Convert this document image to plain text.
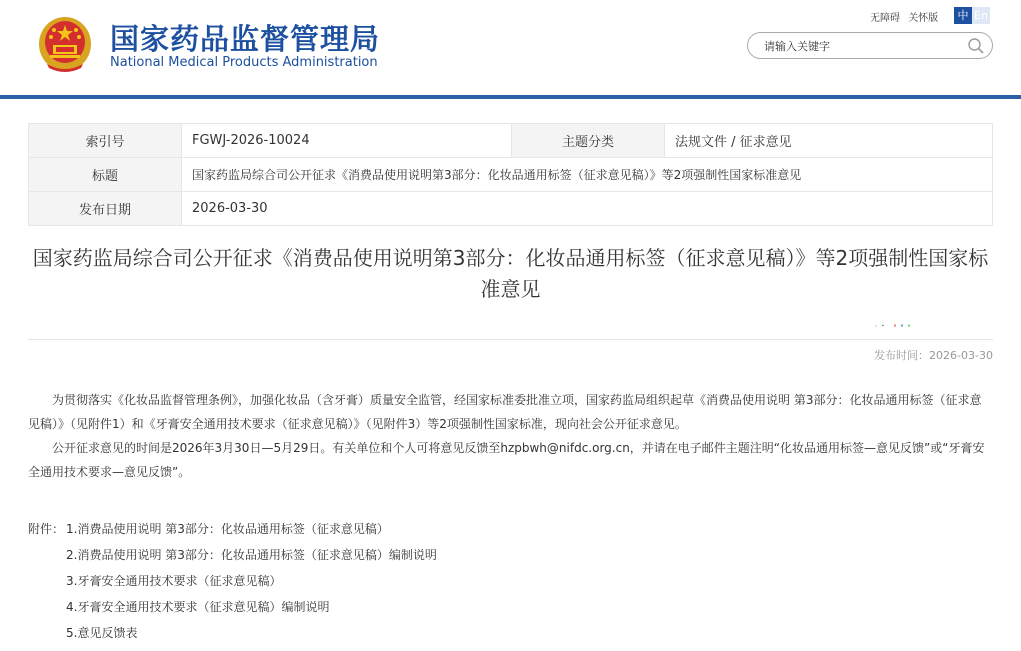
国家药品监督管理局
National Medical Products Administration
无障碍 关怀版	中 En
请输入关键字
索引号	FGWJ-2026-10024	主题分类	法规文件 / 征求意见
标题	国家药监局综合司公开征求《消费品使用说明第3部分：化妆品通用标签（征求意见稿）》等2项强制性国家标准意见		
发布日期	2026-03-30		
国家药监局综合司公开征求《消费品使用说明第3部分：化妆品通用标签（征求意见稿）》等2项强制性国家标准意见
发布时间：2026-03-30

为贯彻落实《化妆品监督管理条例》，加强化妆品（含牙膏）质量安全监管，经国家标准委批准立项，国家药监局组织起草《消费品使用说明 第3部分：化妆品通用标签（征求意见稿）》（见附件1）和《牙膏安全通用技术要求（征求意见稿）》（见附件3）等2项强制性国家标准，现向社会公开征求意见。

公开征求意见的时间是2026年3月30日—5月29日。有关单位和个人可将意见反馈至hzpbwh@nifdc.org.cn，并请在电子邮件主题注明“化妆品通用标签—意见反馈”或“牙膏安全通用技术要求—意见反馈”。

附件： 1.消费品使用说明 第3部分：化妆品通用标签（征求意见稿）
2.消费品使用说明 第3部分：化妆品通用标签（征求意见稿）编制说明
3.牙膏安全通用技术要求（征求意见稿）
4.牙膏安全通用技术要求（征求意见稿）编制说明
5.意见反馈表
